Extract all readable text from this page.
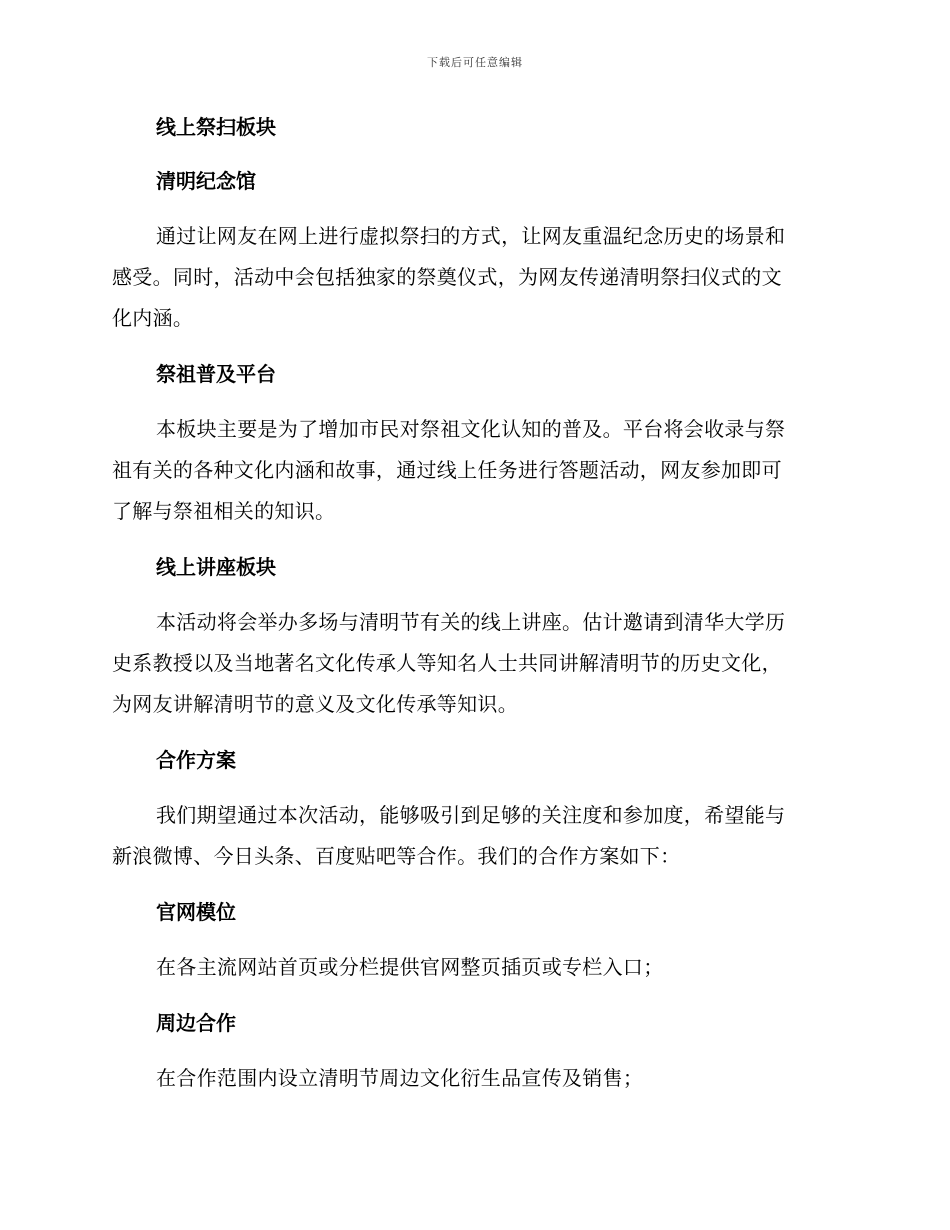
下载后可任意编辑
线上祭扫板块
清明纪念馆
通过让网友在网上进行虚拟祭扫的方式，让网友重温纪念历史的场景和
感受。同时，活动中会包括独家的祭奠仪式，为网友传递清明祭扫仪式的文
化内涵。
祭祖普及平台
本板块主要是为了增加市民对祭祖文化认知的普及。平台将会收录与祭
祖有关的各种文化内涵和故事，通过线上任务进行答题活动，网友参加即可
了解与祭祖相关的知识。
线上讲座板块
本活动将会举办多场与清明节有关的线上讲座。估计邀请到清华大学历
史系教授以及当地著名文化传承人等知名人士共同讲解清明节的历史文化，
为网友讲解清明节的意义及文化传承等知识。
合作方案
我们期望通过本次活动，能够吸引到足够的关注度和参加度，希望能与
新浪微博、今日头条、百度贴吧等合作。我们的合作方案如下：
官网模位
在各主流网站首页或分栏提供官网整页插页或专栏入口；
周边合作
在合作范围内设立清明节周边文化衍生品宣传及销售；
